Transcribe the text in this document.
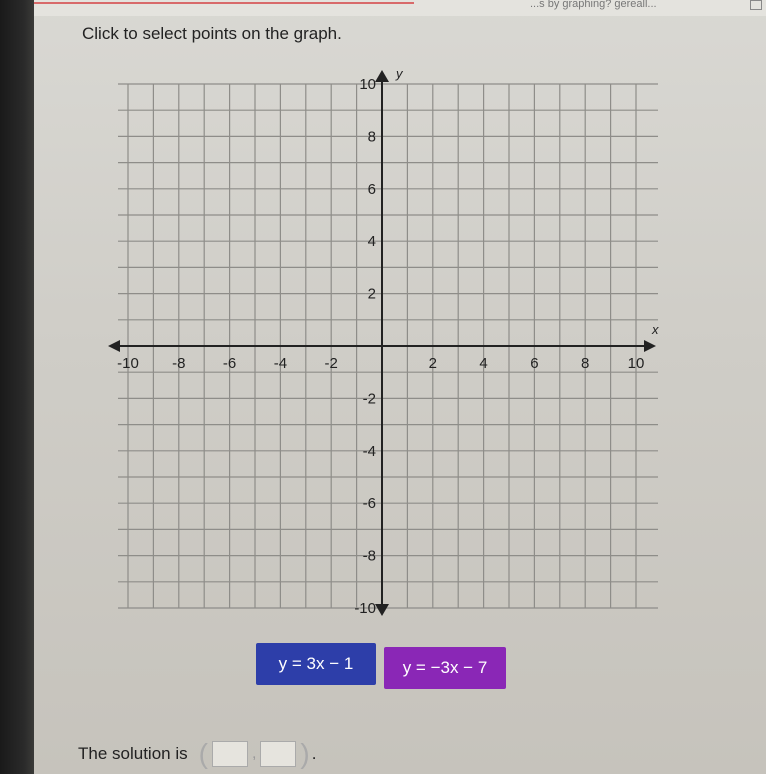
...s by graphing? gereall...
Click to select points on the graph.
x
y
-10 -8 -6 -4 -2	2	4	6	8	10
10
8
6
4
2
-2
-4
-6
-8
-10
y = 3x − 1	y = −3x − 7
The solution is (	, ) .
